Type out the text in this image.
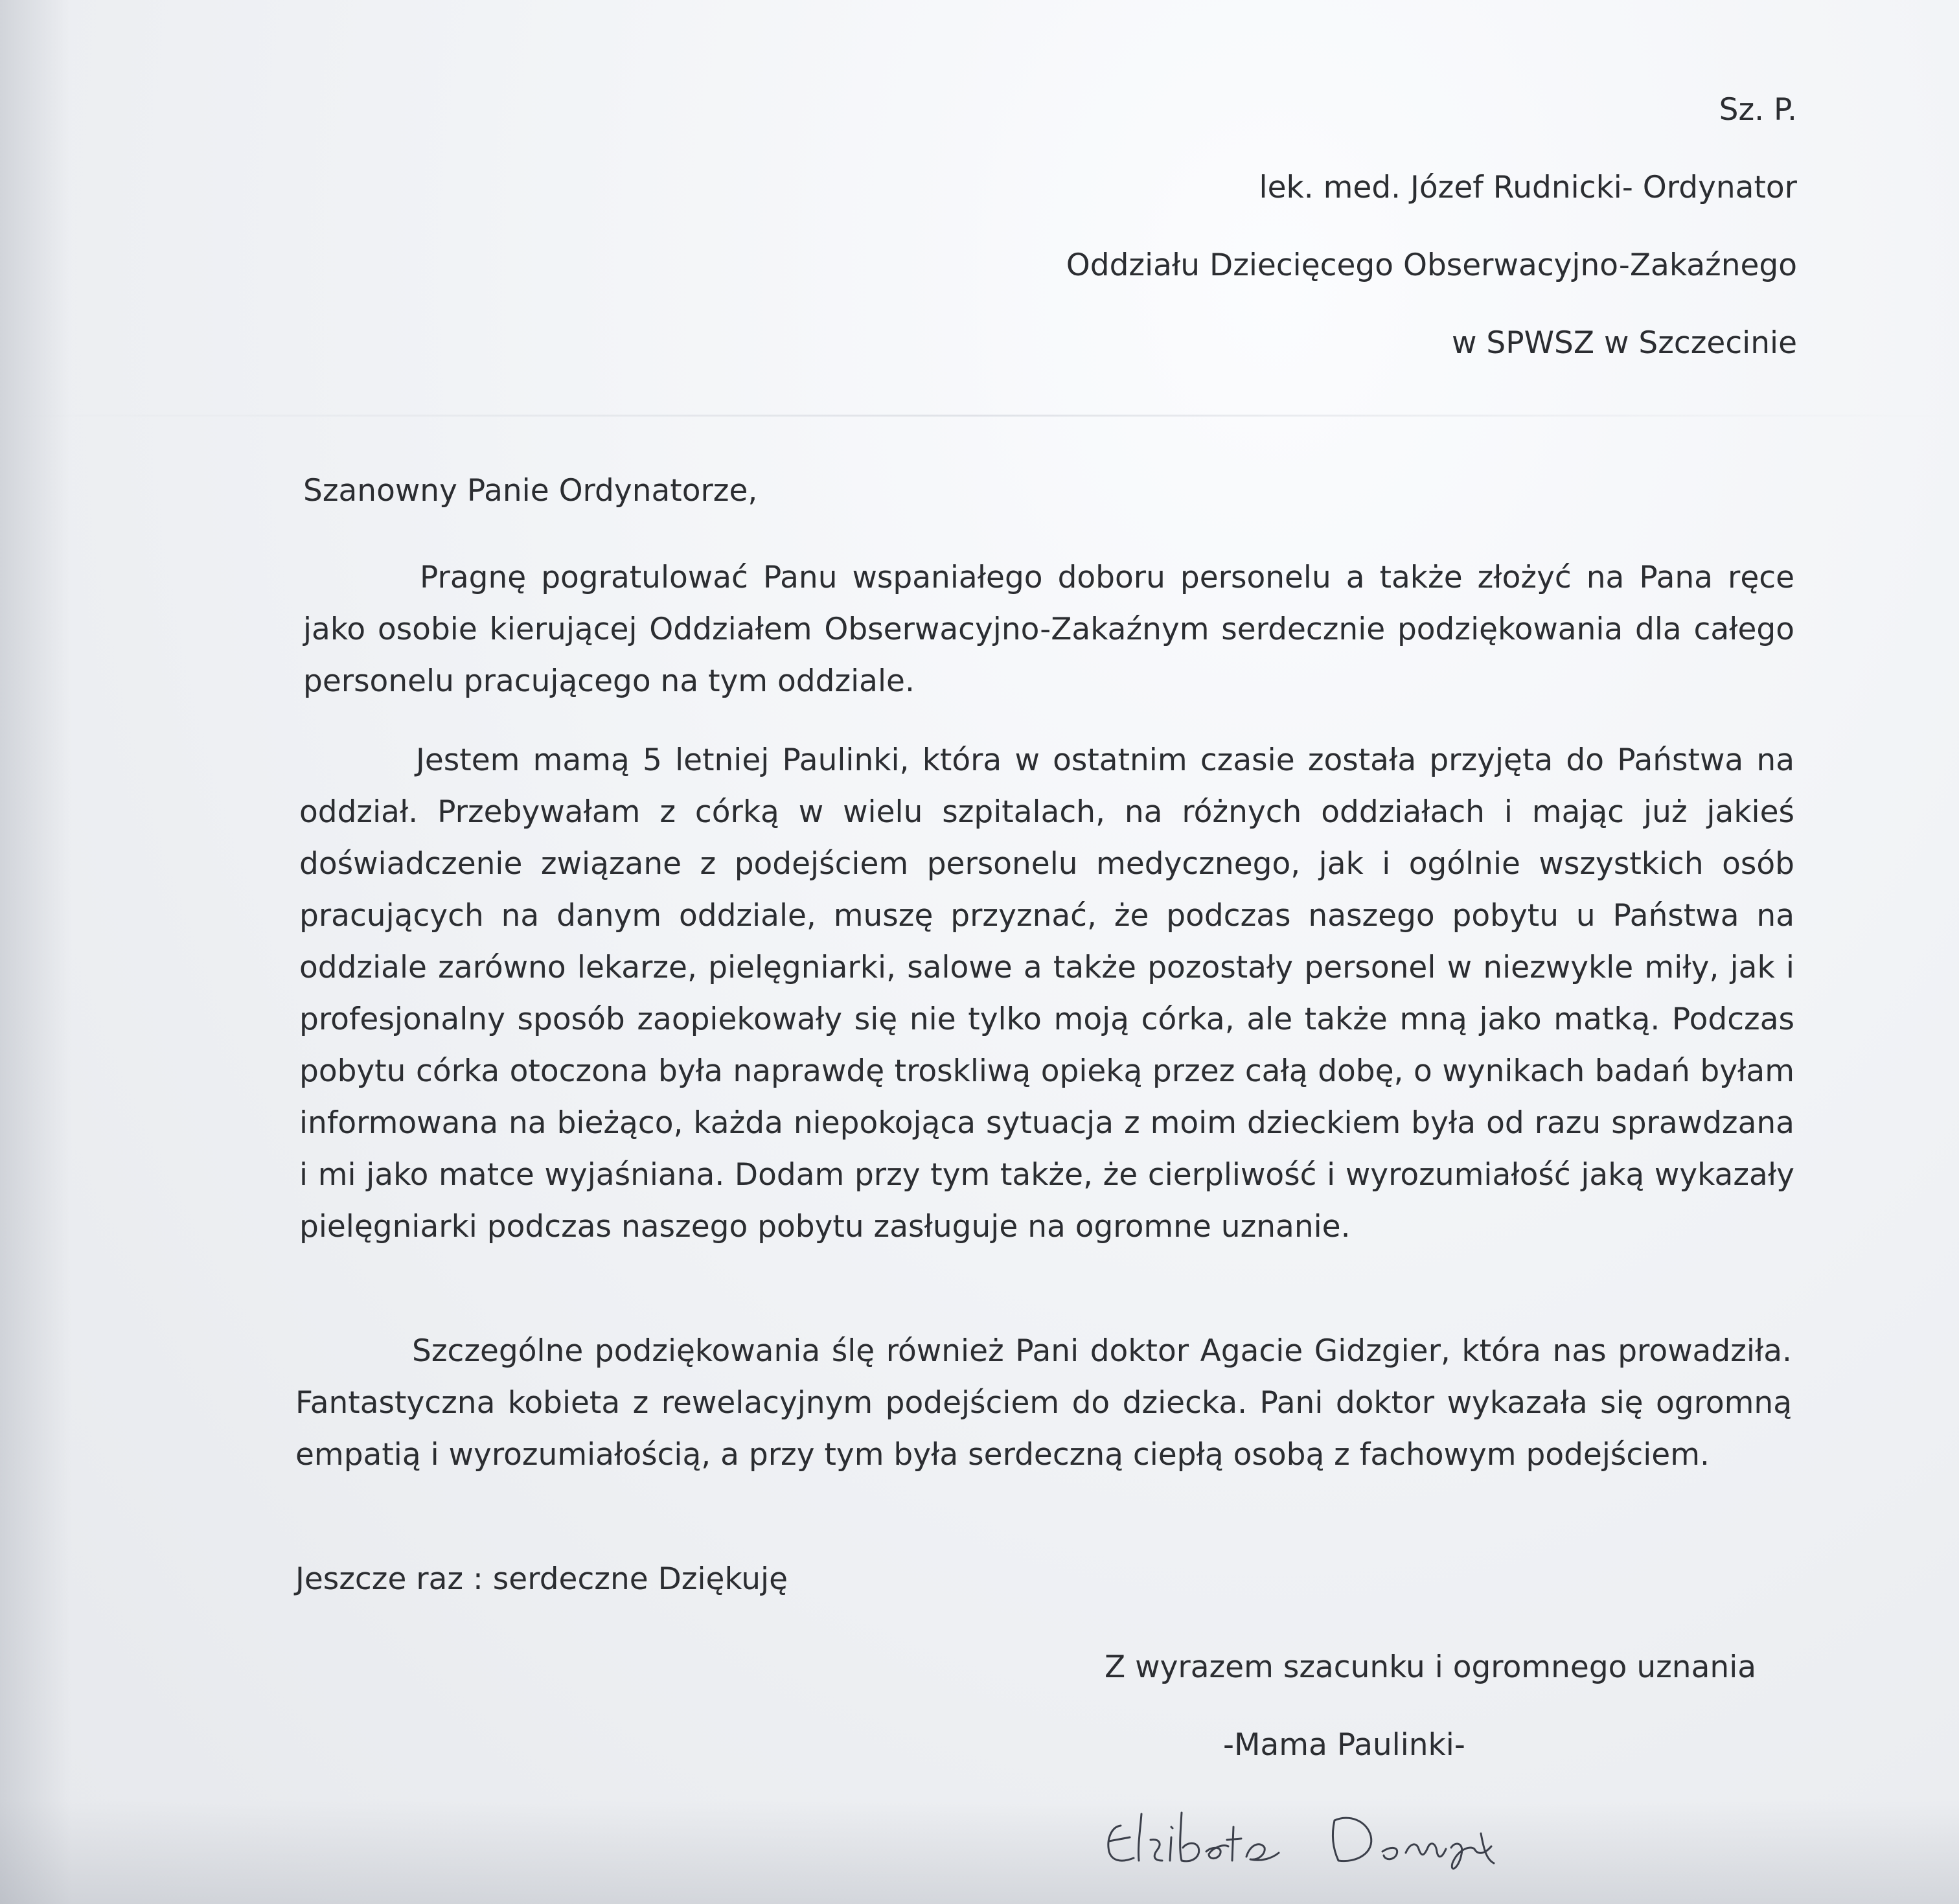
Sz. P.
lek. med. Józef Rudnicki- Ordynator
Oddziału Dziecięcego Obserwacyjno-Zakaźnego
w SPWSZ w Szczecinie
Szanowny Panie Ordynatorze,

Pragnę pogratulować Panu wspaniałego doboru personelu a także złożyć na Pana ręce jako osobie kierującej Oddziałem Obserwacyjno-Zakaźnym serdecznie podziękowania dla całego personelu pracującego na tym oddziale.

Jestem mamą 5 letniej Paulinki, która w ostatnim czasie została przyjęta do Państwa na oddział. Przebywałam z córką w wielu szpitalach, na różnych oddziałach i mając już jakieś doświadczenie związane z podejściem personelu medycznego, jak i ogólnie wszystkich osób pracujących na danym oddziale, muszę przyznać, że podczas naszego pobytu u Państwa na oddziale zarówno lekarze, pielęgniarki, salowe a także pozostały personel w niezwykle miły, jak i profesjonalny sposób zaopiekowały się nie tylko moją córka, ale także mną jako matką. Podczas pobytu córka otoczona była naprawdę troskliwą opieką przez całą dobę, o wynikach badań byłam informowana na bieżąco, każda niepokojąca sytuacja z moim dzieckiem była od razu sprawdzana i mi jako matce wyjaśniana. Dodam przy tym także, że cierpliwość i wyrozumiałość jaką wykazały pielęgniarki podczas naszego pobytu zasługuje na ogromne uznanie.

Szczególne podziękowania ślę również Pani doktor Agacie Gidzgier, która nas prowadziła. Fantastyczna kobieta z rewelacyjnym podejściem do dziecka. Pani doktor wykazała się ogromną empatią i wyrozumiałością, a przy tym była serdeczną ciepłą osobą z fachowym podejściem.

Jeszcze raz : serdeczne Dziękuję
Z wyrazem szacunku i ogromnego uznania
-Mama Paulinki-
